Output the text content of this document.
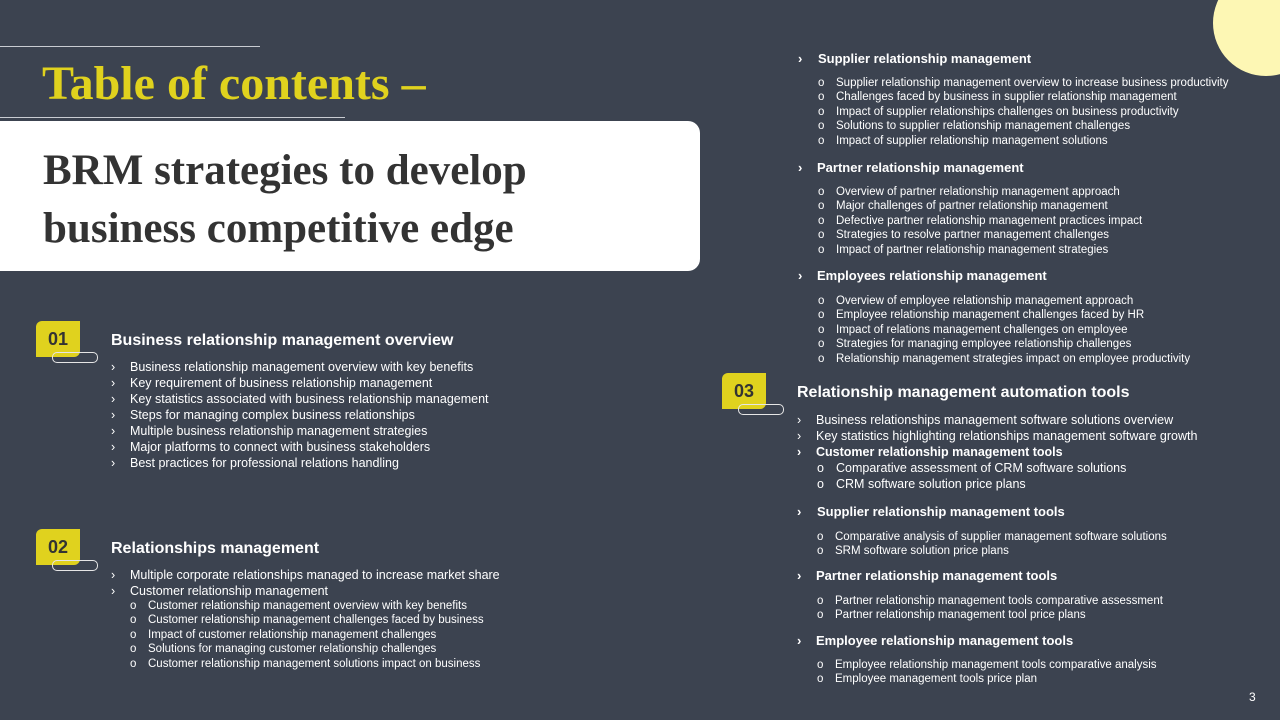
Table of contents –
BRM strategies to develop
business competitive edge
01	Business relationship management overview
› Business relationship management overview with key benefits
› Key requirement of business relationship management
› Key statistics associated with business relationship management
› Steps for managing complex business relationships
› Multiple business relationship management strategies
› Major platforms to connect with business stakeholders
› Best practices for professional relations handling
02	Relationships management
› Multiple corporate relationships managed to increase market share
› Customer relationship management
o Customer relationship management overview with key benefits
o Customer relationship management challenges faced by business
o Impact of customer relationship management challenges
o Solutions for managing customer relationship challenges
o Customer relationship management solutions impact on business
› Supplier relationship management
o Supplier relationship management overview to increase business productivity
o Challenges faced by business in supplier relationship management
o Impact of supplier relationships challenges on business productivity
o Solutions to supplier relationship management challenges
o Impact of supplier relationship management solutions
› Partner relationship management
o Overview of partner relationship management approach
o Major challenges of partner relationship management
o Defective partner relationship management practices impact
o Strategies to resolve partner management challenges
o Impact of partner relationship management strategies
› Employees relationship management
o Overview of employee relationship management approach
o Employee relationship management challenges faced by HR
o Impact of relations management challenges on employee
o Strategies for managing employee relationship challenges
o Relationship management strategies impact on employee productivity
03	Relationship management automation tools
› Business relationships management software solutions overview
› Key statistics highlighting relationships management software growth
› Customer relationship management tools
o Comparative assessment of CRM software solutions
o CRM software solution price plans
› Supplier relationship management tools
o Comparative analysis of supplier management software solutions
o SRM software solution price plans
› Partner relationship management tools
o Partner relationship management tools comparative assessment
o Partner relationship management tool price plans
› Employee relationship management tools
o Employee relationship management tools comparative analysis
o Employee management tools price plan
3
